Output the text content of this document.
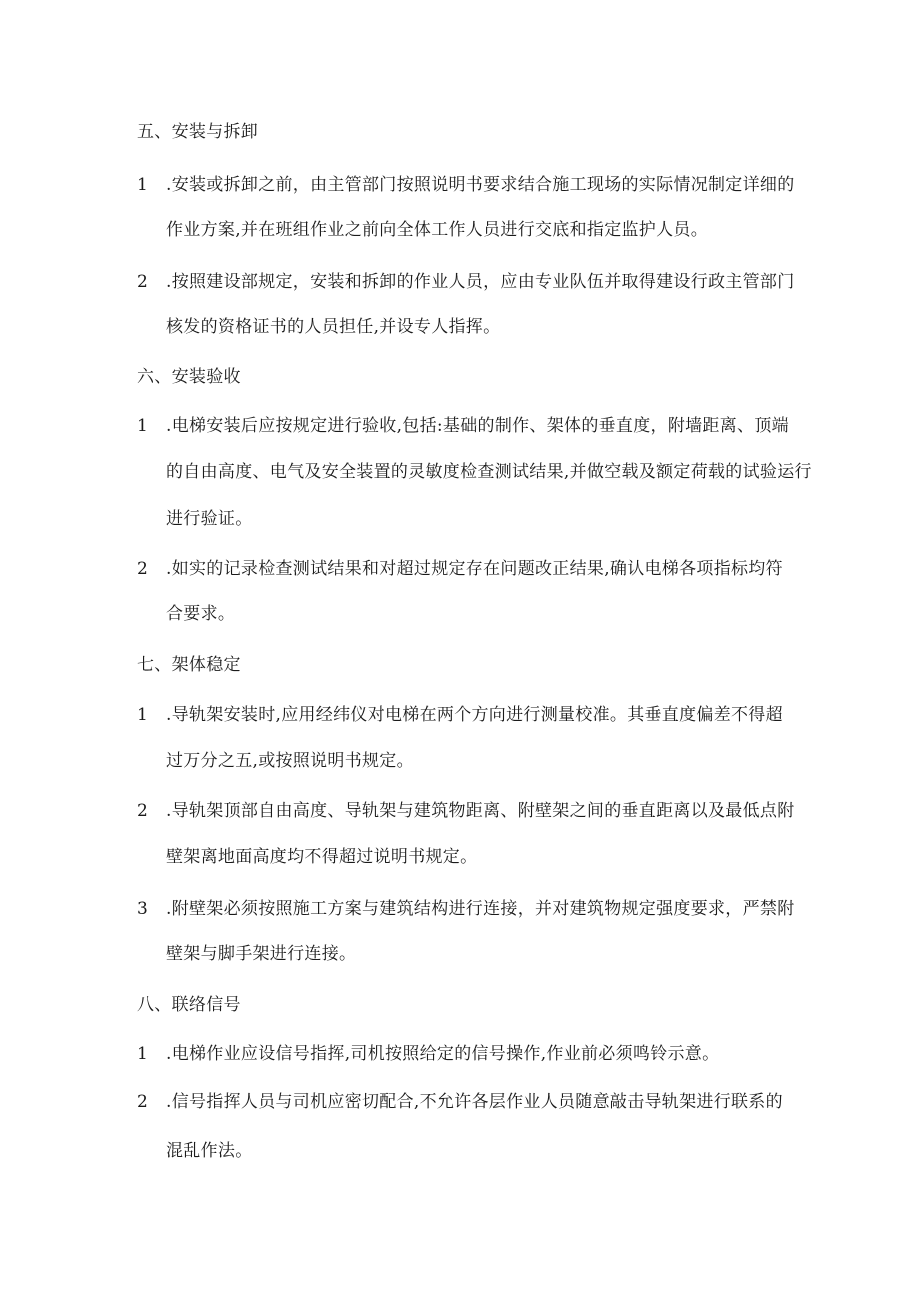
五、安装与拆卸
1 .安装或拆卸之前，由主管部门按照说明书要求结合施工现场的实际情况制定详细的
作业方案,并在班组作业之前向全体工作人员进行交底和指定监护人员。
2 .按照建设部规定，安装和拆卸的作业人员，应由专业队伍并取得建设行政主管部门
核发的资格证书的人员担任,并设专人指挥。
六、安装验收
1 .电梯安装后应按规定进行验收,包括:基础的制作、架体的垂直度，附墙距离、顶端
的自由高度、电气及安全装置的灵敏度检查测试结果,并做空载及额定荷载的试验运行
进行验证。
2 .如实的记录检查测试结果和对超过规定存在问题改正结果,确认电梯各项指标均符
合要求。
七、架体稳定
1 .导轨架安装时,应用经纬仪对电梯在两个方向进行测量校准。其垂直度偏差不得超
过万分之五,或按照说明书规定。
2 .导轨架顶部自由高度、导轨架与建筑物距离、附壁架之间的垂直距离以及最低点附
壁架离地面高度均不得超过说明书规定。
3 .附壁架必须按照施工方案与建筑结构进行连接，并对建筑物规定强度要求，严禁附
壁架与脚手架进行连接。
八、联络信号
1 .电梯作业应设信号指挥,司机按照给定的信号操作,作业前必须鸣铃示意。
2 .信号指挥人员与司机应密切配合,不允许各层作业人员随意敲击导轨架进行联系的
混乱作法。
